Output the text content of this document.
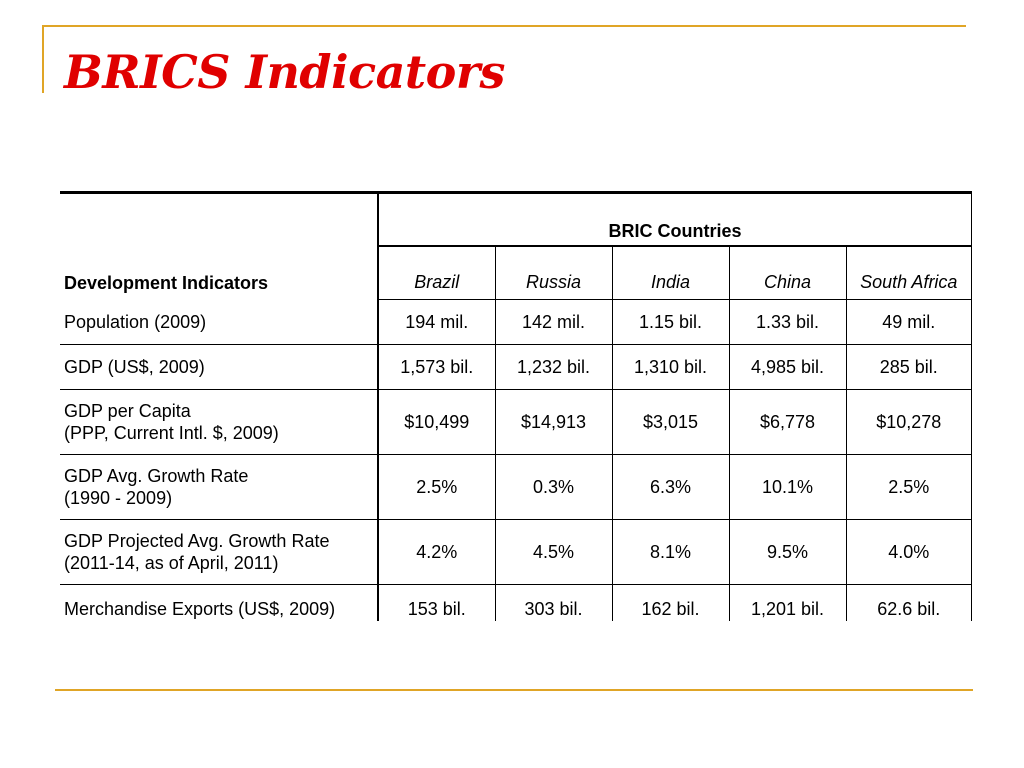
BRICS Indicators
Development Indicators	BRIC Countries				
	Brazil	Russia	India	China	South Africa
Population (2009)	194 mil.	142 mil.	1.15 bil.	1.33 bil.	49 mil.
GDP (US$, 2009)	1,573 bil.	1,232 bil.	1,310 bil.	4,985 bil.	285 bil.

GDP per Capita
(PPP, Current Intl. $, 2009)	$10,499	$14,913	$3,015	$6,778	$10,278

GDP Avg. Growth Rate
(1990 - 2009)	2.5%	0.3%	6.3%	10.1%	2.5%

GDP Projected Avg. Growth Rate
(2011-14, as of April, 2011)	4.2%	4.5%	8.1%	9.5%	4.0%
Merchandise Exports (US$, 2009)	153 bil.	303 bil.	162 bil.	1,201 bil.	62.6 bil.
